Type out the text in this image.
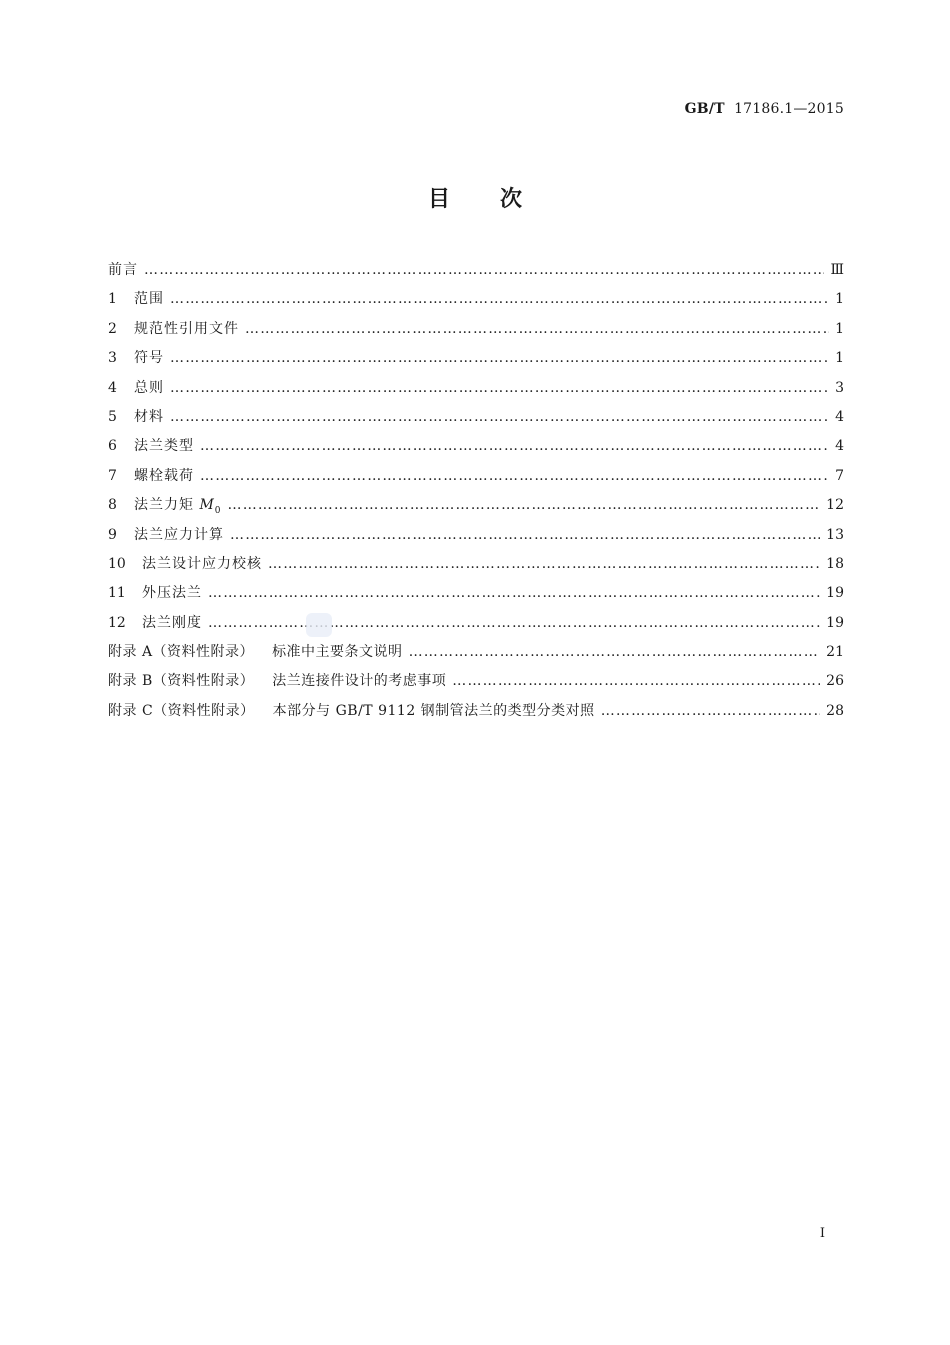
GB/T 17186.1—2015
目 次
前言 …………………………………………………………………………………………………………………………………………………………………………	Ⅲ
1	范围 …………………………………………………………………………………………………………………………………………………………………………	1
2	规范性引用文件 …………………………………………………………………………………………………………………………………………………………………………	1
3	符号 …………………………………………………………………………………………………………………………………………………………………………	1
4	总则 …………………………………………………………………………………………………………………………………………………………………………	3
5	材料 …………………………………………………………………………………………………………………………………………………………………………	4
6	法兰类型 …………………………………………………………………………………………………………………………………………………………………………	4
7	螺栓载荷 …………………………………………………………………………………………………………………………………………………………………………	7
8	法兰力矩 $M_0$ …………………………………………………………………………………………………………………………………………………………………………	12
9	法兰应力计算 …………………………………………………………………………………………………………………………………………………………………………	13
10	法兰设计应力校核 …………………………………………………………………………………………………………………………………………………………………………	18
11	外压法兰 …………………………………………………………………………………………………………………………………………………………………………	19
12	法兰刚度 …………………………………………………………………………………………………………………………………………………………………………	19
附录 A（资料性附录） 标准中主要条文说明 …………………………………………………………………………………………………………………………………………………………………………	21
附录 B（资料性附录） 法兰连接件设计的考虑事项 …………………………………………………………………………………………………………………………………………………………………………	26
附录 C（资料性附录） 本部分与 GB/T 9112 钢制管法兰的类型分类对照 …………………………………………………………………………………………………………………………………………………………………………	28
I
